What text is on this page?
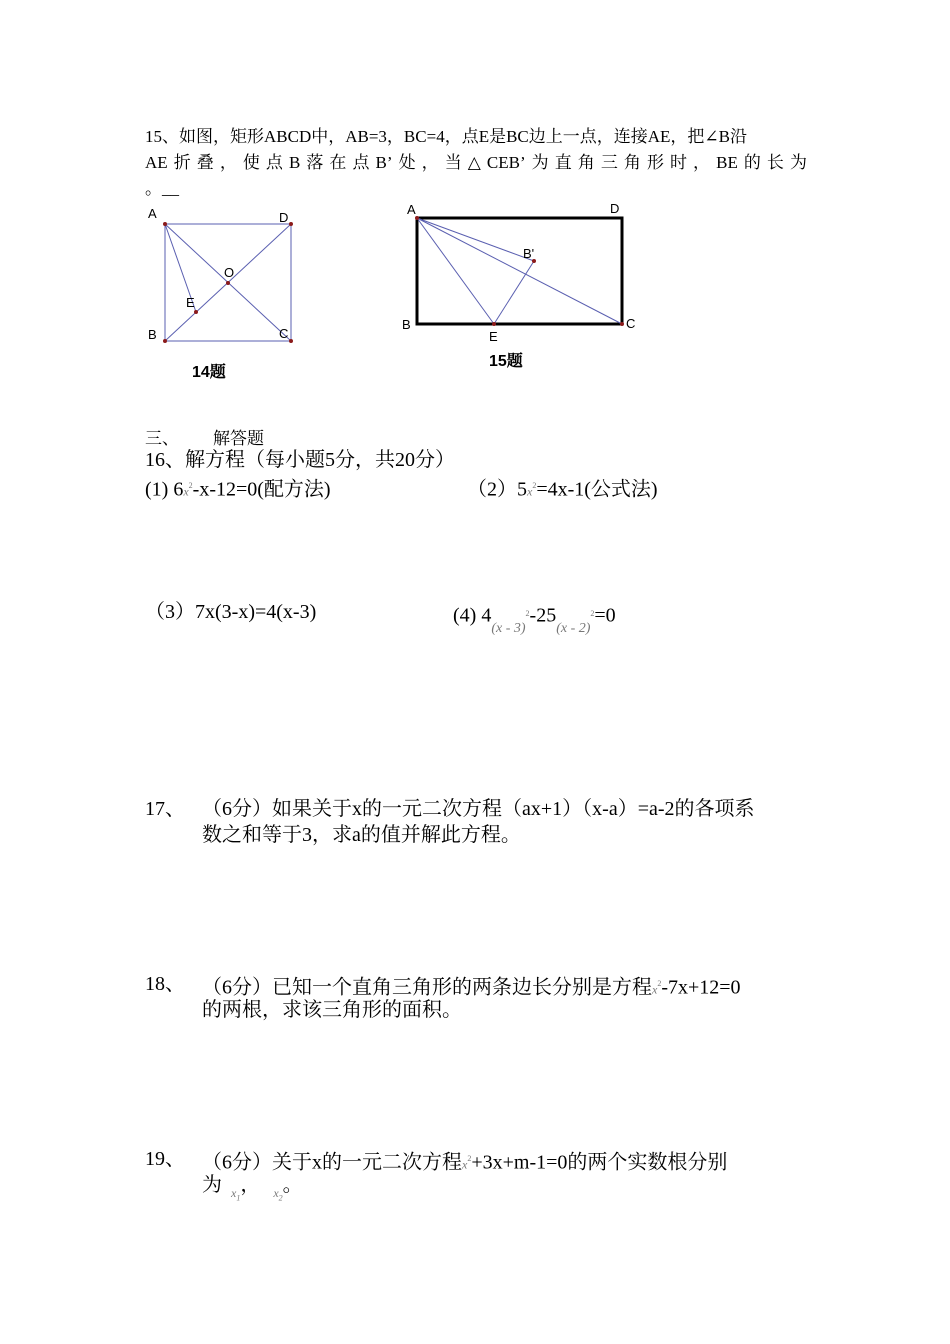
15、如图，矩形ABCD中，AB=3，BC=4，点E是BC边上一点，连接AE，把∠B沿
AE折叠，使点B落在点B’处，当△CEB’为直角三角形时，BE的长为
。__
A	D
B	C
O
E
14题
A	D
B	C
E
B'
15题
三、 解答题
16、解方程（每小题5分，共20分）
(1) $6x^2-x-12=0$(配方法)	$(2)5x^2=4x-1$(公式法)
（3）7x(3-x)=4(x-3)	(4) $4_{(x - 3)}^2-25_{(x - 2)}^2=0$
17、 （6分）如果关于x的一元二次方程（ax+1）（x-a）=a-2的各项系
数之和等于3，求a的值并解此方程。
18、 （6分）已知一个直角三角形的两条边长分别是方程$x^2-7x+12=0$
的两根，求该三角形的面积。
19、 （6分）关于x的一元二次方程$x^2+3x+m-1=0$的两个实数根分别
为 $_{x_1}$， $_{x_2}$。
